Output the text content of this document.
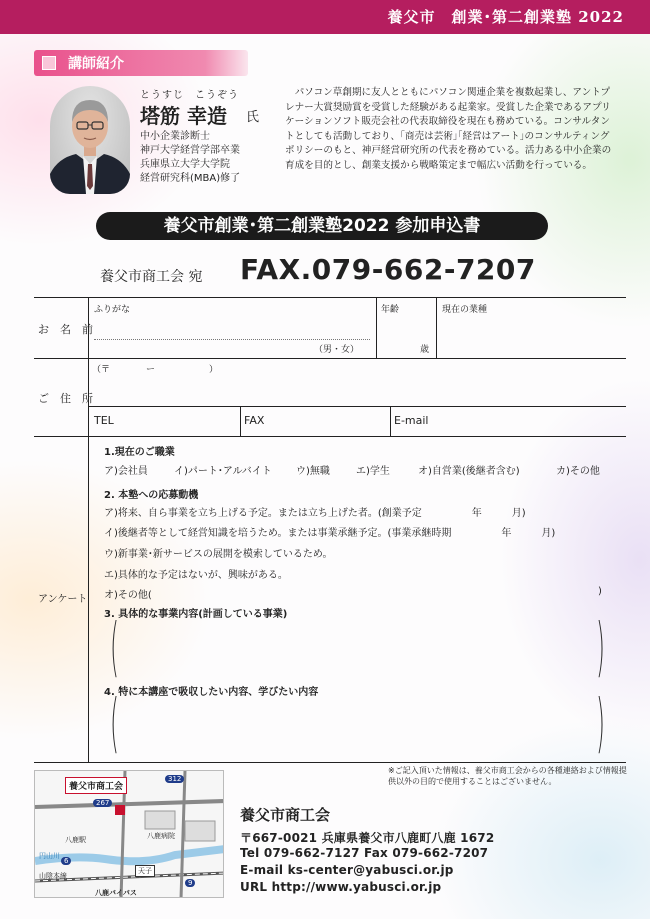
養父市　創業･第二創業塾 2022
講師紹介
とうすじ　こうぞう
塔筋 幸造 氏
中小企業診断士
神戸大学経営学部卒業
兵庫県立大学大学院
経営研究科(MBA)修了
パソコン草創期に友人とともにパソコン関連企業を複数起業し、アントプレナー大賞奨励賞を受賞した経験がある起業家。受賞した企業であるアプリケーションソフト販売会社の代表取締役を現在も務めている。コンサルタントとしても活動しており、｢商売は芸術｣｢経営はアート｣のコンサルティングポリシーのもと、神戸経営研究所の代表を務めている。活力ある中小企業の育成を目的とし、創業支援から戦略策定まで幅広い活動を行っている。
養父市創業･第二創業塾2022 参加申込書
養父市商工会 宛 FAX.079-662-7207
お　名　前
ふりがな
（男・女）
年齢
歳
現在の業種
ご　住　所
（〒　　　　ー　　　　　　）
TEL	FAX	E-mail
アンケート
1.現在のご職業
ア)会社員	イ)パート･アルバイト ウ)無職	エ)学生	オ)自営業(後継者含む)	カ)その他
2. 本塾への応募動機
ア)将来、自ら事業を立ち上げる予定。または立ち上げた者。(創業予定　　　　　年　　　月)
イ)後継者等として経営知識を培うため。または事業承継予定。(事業承継時期　　　　　年　　　月)
ウ)新事業･新サービスの展開を模索しているため。
エ)具体的な予定はないが、興味がある。
オ)その他(	)
3. 具体的な事業内容(計画している事業)
(	)
4. 特に本講座で吸収したい内容、学びたい内容
(	)
※ご記入頂いた情報は、養父市商工会からの各種連絡および情報提供以外の目的で使用することはございません。
養父市商工会
八鹿病院
八鹿駅
八鹿バイパス
天子
山陰本線
円山川
9
312
267
6
養父市商工会
〒667-0021 兵庫県養父市八鹿町八鹿 1672
Tel 079-662-7127 Fax 079-662-7207
E-mail ks-center@yabusci.or.jp
URL http://www.yabusci.or.jp
